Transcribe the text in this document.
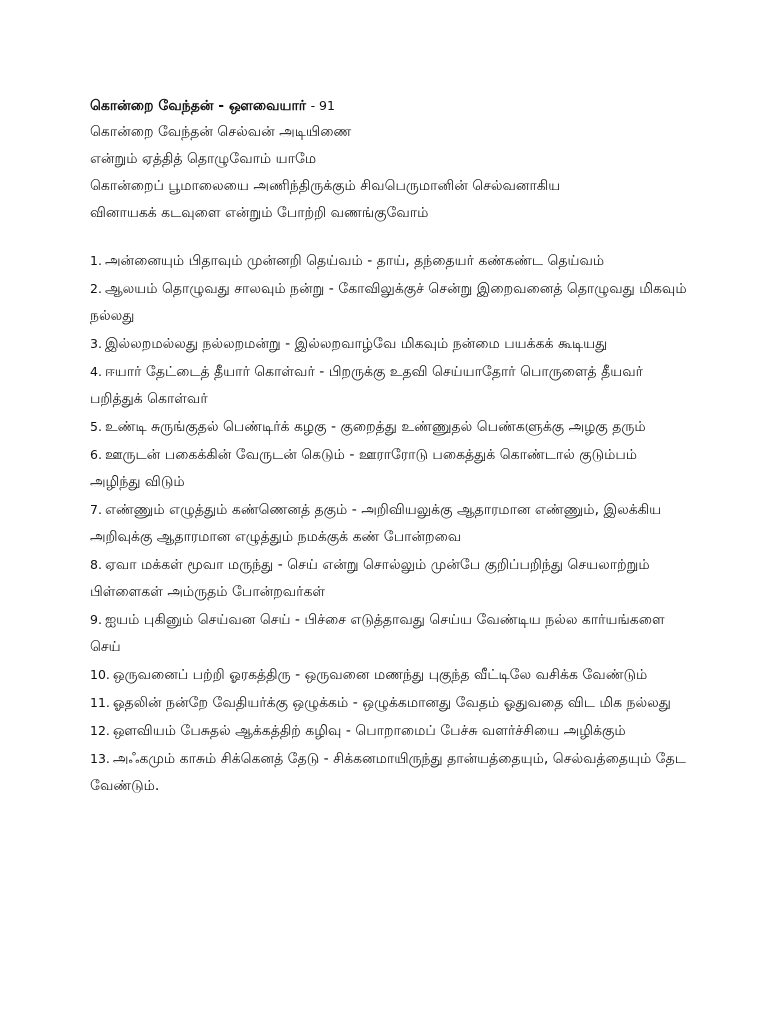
கொன்றை வேந்தன் - ஔவையார் - 91
கொன்றை வேந்தன் செல்வன் அடியிணை
என்றும் ஏத்தித் தொழுவோம் யாமே
கொன்றைப் பூமாலையை அணிந்திருக்கும் சிவபெருமானின் செல்வனாகிய
வினாயகக் கடவுளை என்றும் போற்றி வணங்குவோம்
1. அன்னையும் பிதாவும் முன்னறி தெய்வம் - தாய், தந்தையர் கண்கண்ட தெய்வம்
2. ஆலயம் தொழுவது சாலவும் நன்று - கோவிலுக்குச் சென்று இறைவனைத் தொழுவது மிகவும் நல்லது
3. இல்லறமல்லது நல்லறமன்று - இல்லறவாழ்வே மிகவும் நன்மை பயக்கக் கூடியது
4. ஈயார் தேட்டைத் தீயார் கொள்வர் - பிறருக்கு உதவி செய்யாதோர் பொருளைத் தீயவர் பறித்துக் கொள்வர்
5. உண்டி சுருங்குதல் பெண்டிர்க் கழகு - குறைத்து உண்ணுதல் பெண்களுக்கு அழகு தரும்
6. ஊருடன் பகைக்கின் வேருடன் கெடும் - ஊராரோடு பகைத்துக் கொண்டால் குடும்பம் அழிந்து விடும்
7. எண்ணும் எழுத்தும் கண்ணெனத் தகும் - அறிவியலுக்கு ஆதாரமான எண்ணும், இலக்கிய அறிவுக்கு ஆதாரமான எழுத்தும் நமக்குக் கண் போன்றவை
8. ஏவா மக்கள் மூவா மருந்து - செய் என்று சொல்லும் முன்பே குறிப்பறிந்து செயலாற்றும் பிள்ளைகள் அம்ருதம் போன்றவர்கள்
9. ஐயம் புகினும் செய்வன செய் - பிச்சை எடுத்தாவது செய்ய வேண்டிய நல்ல கார்யங்களை செய்
10. ஒருவனைப் பற்றி ஓரகத்திரு - ஒருவனை மணந்து புகுந்த வீட்டிலே வசிக்க வேண்டும்
11. ஓதலின் நன்றே வேதியர்க்கு ஒழுக்கம் - ஒழுக்கமானது வேதம் ஓதுவதை விட மிக நல்லது
12. ஔவியம் பேசுதல் ஆக்கத்திற் கழிவு - பொறாமைப் பேச்சு வளர்ச்சியை அழிக்கும்
13. அஃகமும் காசும் சிக்கெனத் தேடு - சிக்கனமாயிருந்து தான்யத்தையும், செல்வத்தையும் தேட வேண்டும்.
